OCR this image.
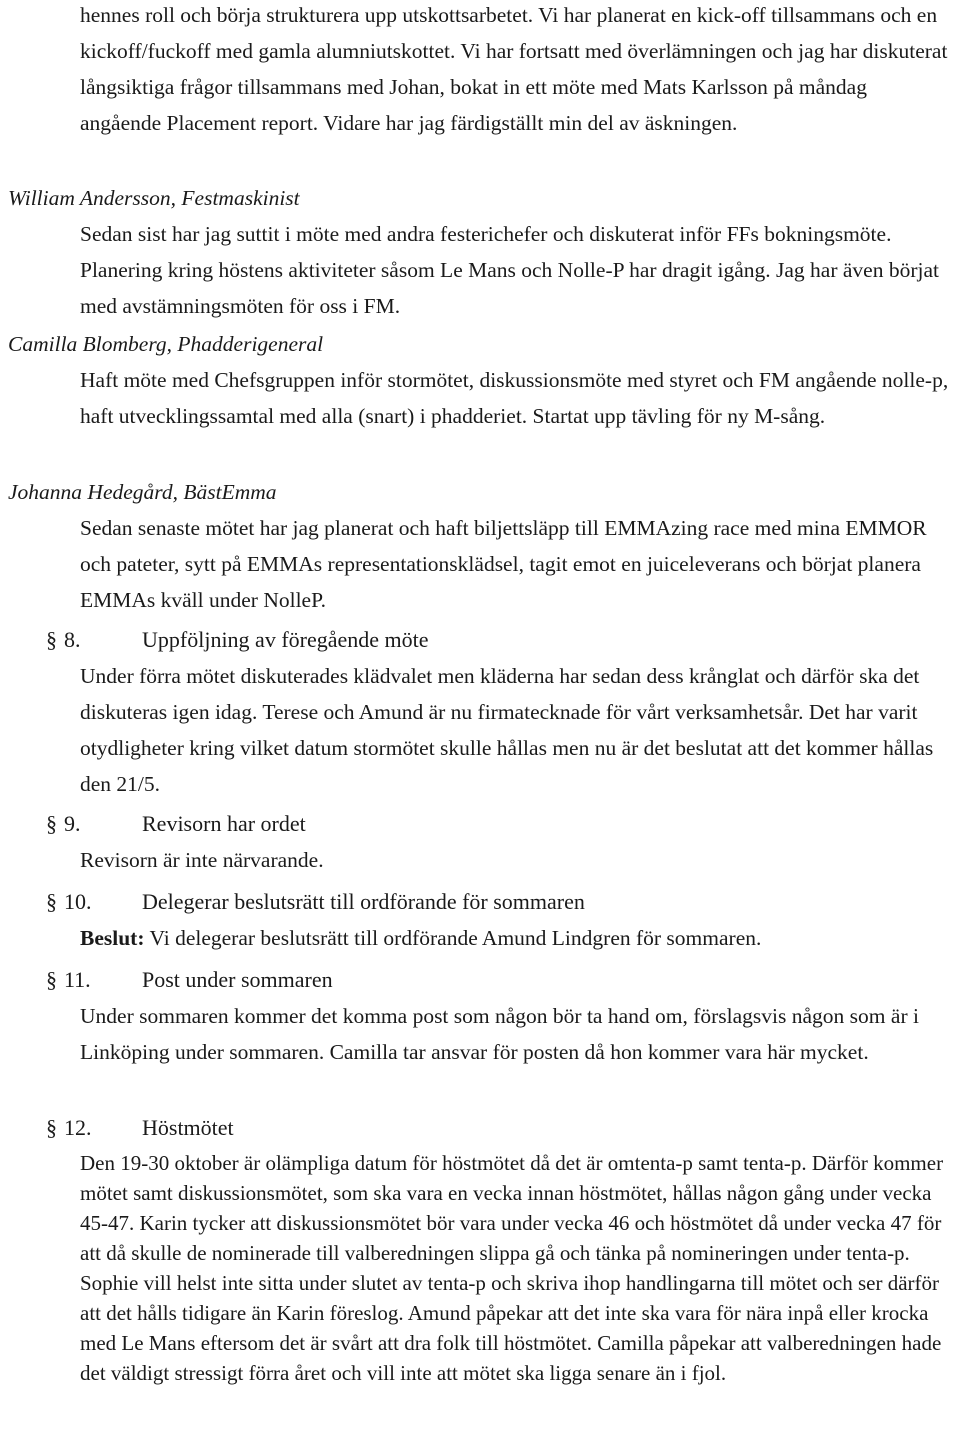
hennes roll och börja strukturera upp utskottsarbetet. Vi har planerat en kick-off tillsammans och en kickoff/fuckoff med gamla alumniutskottet. Vi har fortsatt med överlämningen och jag har diskuterat långsiktiga frågor tillsammans med Johan, bokat in ett möte med Mats Karlsson på måndag angående Placement report. Vidare har jag färdigställt min del av äskningen.

William Andersson, Festmaskinist

Sedan sist har jag suttit i möte med andra festerichefer och diskuterat inför FFs bokningsmöte. Planering kring höstens aktiviteter såsom Le Mans och Nolle-P har dragit igång. Jag har även börjat med avstämningsmöten för oss i FM.

Camilla Blomberg, Phadderigeneral

Haft möte med Chefsgruppen inför stormötet, diskussionsmöte med styret och FM angående nolle-p, haft utvecklingssamtal med alla (snart) i phadderiet. Startat upp tävling för ny M-sång.

Johanna Hedegård, BästEmma

Sedan senaste mötet har jag planerat och haft biljettsläpp till EMMAzing race med mina EMMOR och pateter, sytt på EMMAs representationsklädsel, tagit emot en juiceleverans och börjat planera EMMAs kväll under NolleP.

§ 8.	Uppföljning av föregående möte

Under förra mötet diskuterades klädvalet men kläderna har sedan dess krånglat och därför ska det diskuteras igen idag. Terese och Amund är nu firmatecknade för vårt verksamhetsår. Det har varit otydligheter kring vilket datum stormötet skulle hållas men nu är det beslutat att det kommer hållas den 21/5.

§ 9.	Revisorn har ordet

Revisorn är inte närvarande.

§ 10. Delegerar beslutsrätt till ordförande för sommaren

Beslut: Vi delegerar beslutsrätt till ordförande Amund Lindgren för sommaren.

§ 11. Post under sommaren

Under sommaren kommer det komma post som någon bör ta hand om, förslagsvis någon som är i Linköping under sommaren. Camilla tar ansvar för posten då hon kommer vara här mycket.

§ 12. Höstmötet

Den 19-30 oktober är olämpliga datum för höstmötet då det är omtenta-p samt tenta-p. Därför kommer mötet samt diskussionsmötet, som ska vara en vecka innan höstmötet, hållas någon gång under vecka 45-47. Karin tycker att diskussionsmötet bör vara under vecka 46 och höstmötet då under vecka 47 för att då skulle de nominerade till valberedningen slippa gå och tänka på nomineringen under tenta-p. Sophie vill helst inte sitta under slutet av tenta-p och skriva ihop handlingarna till mötet och ser därför att det hålls tidigare än Karin föreslog. Amund påpekar att det inte ska vara för nära inpå eller krocka med Le Mans eftersom det är svårt att dra folk till höstmötet. Camilla påpekar att valberedningen hade det väldigt stressigt förra året och vill inte att mötet ska ligga senare än i fjol.
